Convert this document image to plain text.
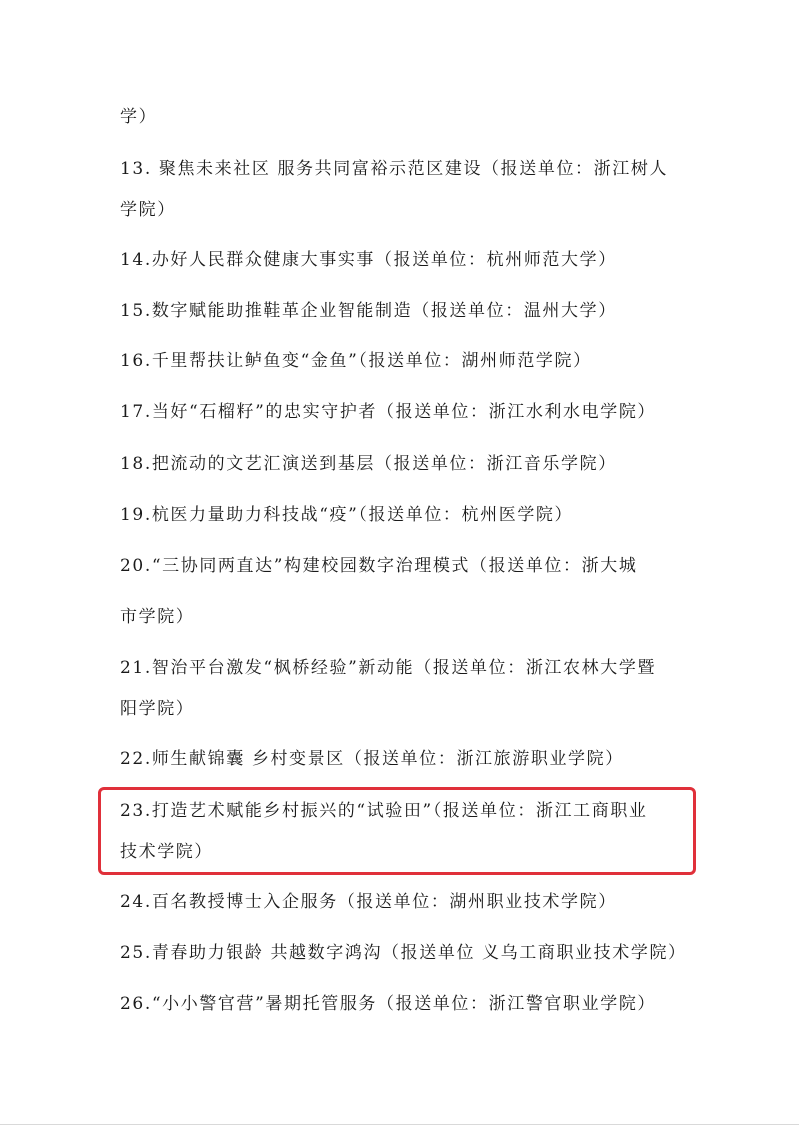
学）
13. 聚焦未来社区 服务共同富裕示范区建设（报送单位：浙江树人
学院）
14.办好人民群众健康大事实事（报送单位：杭州师范大学）
15.数字赋能助推鞋革企业智能制造（报送单位：温州大学）
16.千里帮扶让鲈鱼变“金鱼”（报送单位：湖州师范学院）
17.当好“石榴籽”的忠实守护者（报送单位：浙江水利水电学院）
18.把流动的文艺汇演送到基层（报送单位：浙江音乐学院）
19.杭医力量助力科技战“疫”（报送单位：杭州医学院）
20.“三协同两直达”构建校园数字治理模式（报送单位：浙大城
市学院）
21.智治平台激发“枫桥经验”新动能（报送单位：浙江农林大学暨
阳学院）
22.师生献锦囊 乡村变景区（报送单位：浙江旅游职业学院）
23.打造艺术赋能乡村振兴的“试验田”（报送单位：浙江工商职业
技术学院）
24.百名教授博士入企服务（报送单位：湖州职业技术学院）
25.青春助力银龄 共越数字鸿沟（报送单位 义乌工商职业技术学院）
26.“小小警官营”暑期托管服务（报送单位：浙江警官职业学院）
